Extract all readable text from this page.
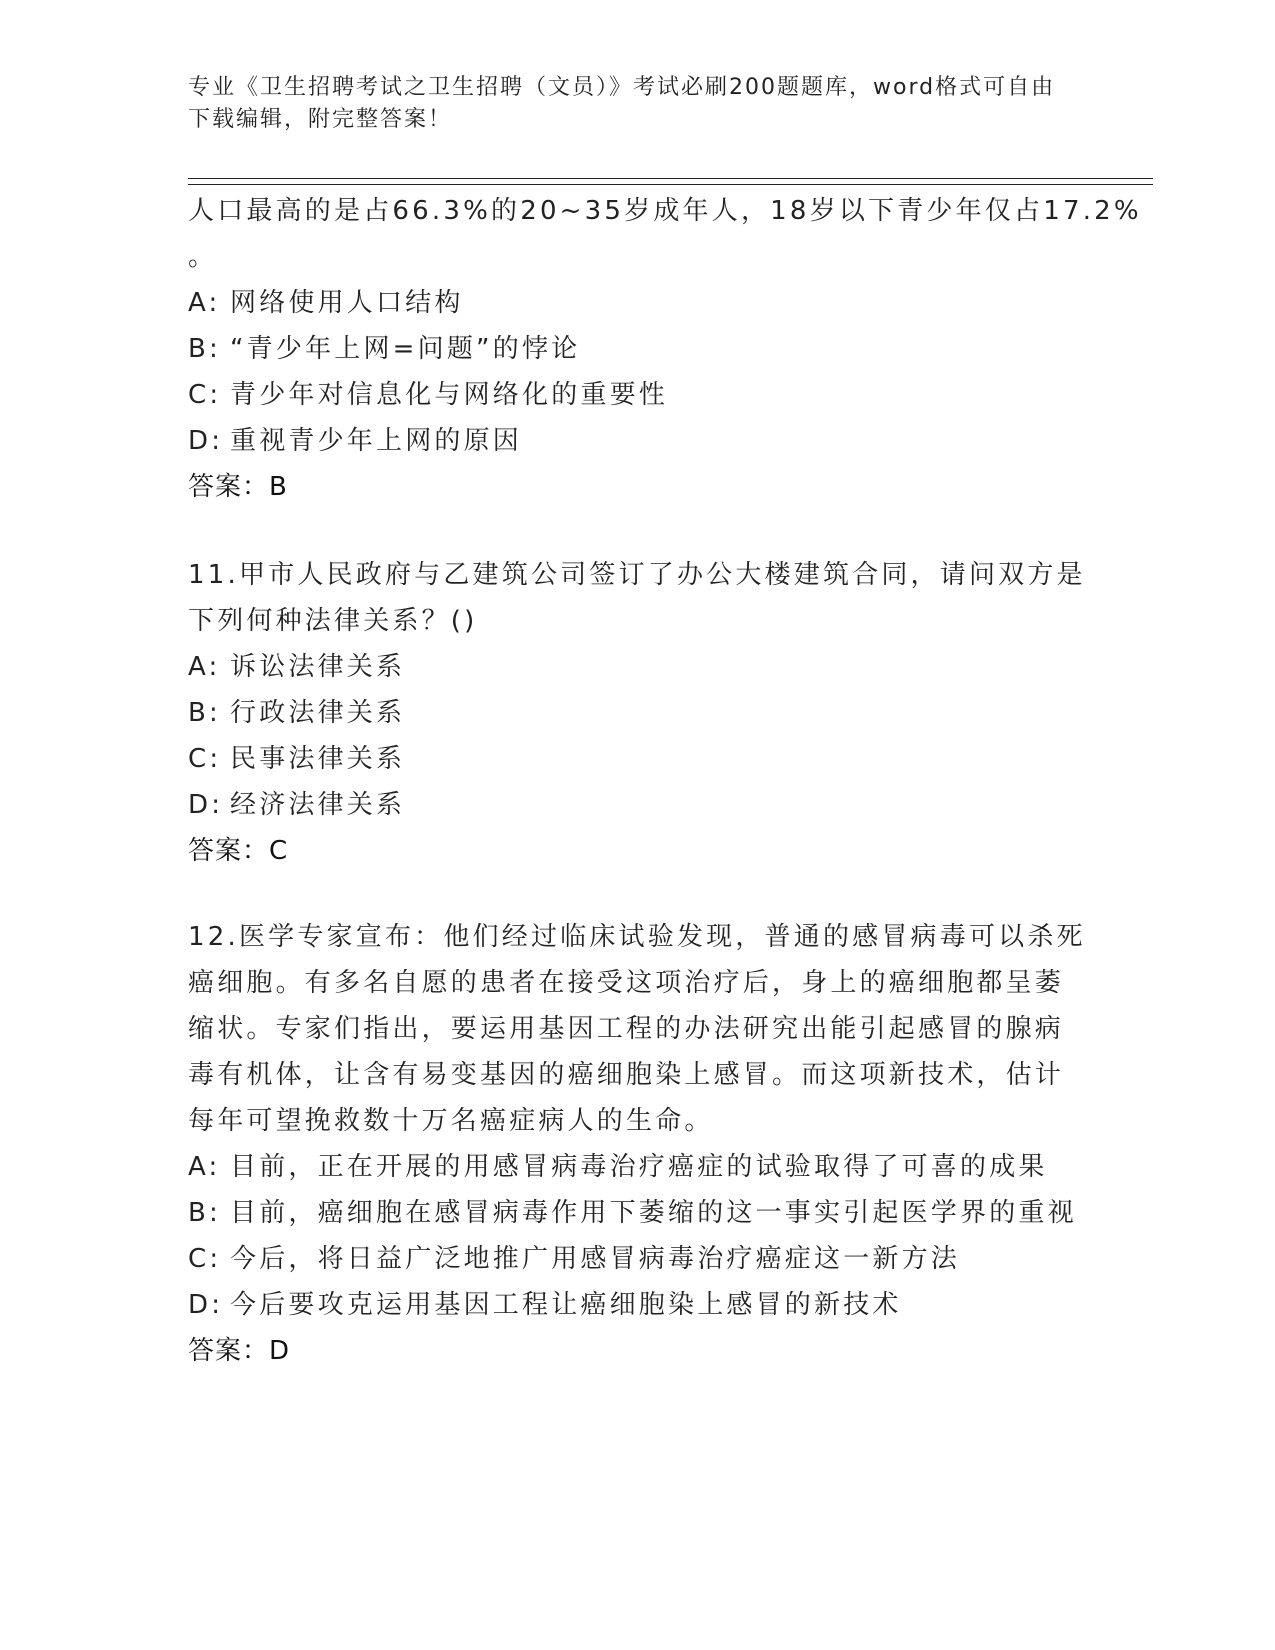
专业《卫生招聘考试之卫生招聘（文员）》考试必刷200题题库，word格式可自由下载编辑，附完整答案！
人口最高的是占66.3%的20~35岁成年人，18岁以下青少年仅占17.2%
。
A: 网络使用人口结构
B: “青少年上网=问题”的悖论
C: 青少年对信息化与网络化的重要性
D: 重视青少年上网的原因
答案：B
11.甲市人民政府与乙建筑公司签订了办公大楼建筑合同，请问双方是
下列何种法律关系？()
A: 诉讼法律关系
B: 行政法律关系
C: 民事法律关系
D: 经济法律关系
答案：C
12.医学专家宣布：他们经过临床试验发现，普通的感冒病毒可以杀死
癌细胞。有多名自愿的患者在接受这项治疗后，身上的癌细胞都呈萎
缩状。专家们指出，要运用基因工程的办法研究出能引起感冒的腺病
毒有机体，让含有易变基因的癌细胞染上感冒。而这项新技术，估计
每年可望挽救数十万名癌症病人的生命。
A: 目前，正在开展的用感冒病毒治疗癌症的试验取得了可喜的成果
B: 目前，癌细胞在感冒病毒作用下萎缩的这一事实引起医学界的重视
C: 今后，将日益广泛地推广用感冒病毒治疗癌症这一新方法
D: 今后要攻克运用基因工程让癌细胞染上感冒的新技术
答案：D
